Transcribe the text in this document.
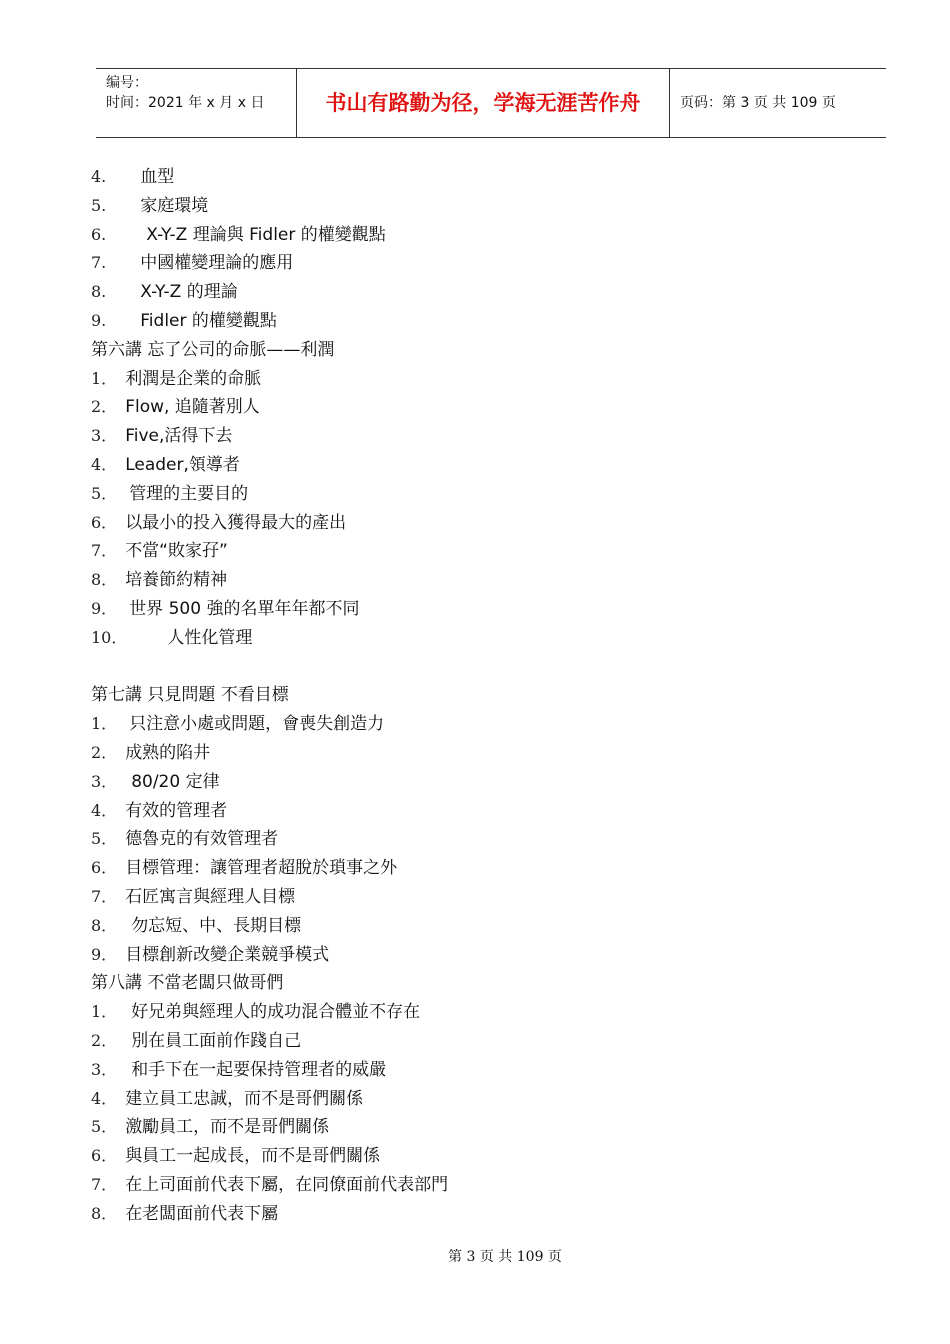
编号：
时间：2021 年 x 月 x 日	书山有路勤为径，学海无涯苦作舟	页码：第 3 页 共 109 页
4. 血型
5. 家庭環境
6. X-Y-Z 理論與 Fidler 的權變觀點
7. 中國權變理論的應用
8. X-Y-Z 的理論
9. Fidler 的權變觀點
第六講 忘了公司的命脈——利潤
1． 利潤是企業的命脈
2． Flow, 追隨著別人
3． Five,活得下去
4． Leader,領導者
5． 管理的主要目的
6． 以最小的投入獲得最大的產出
7． 不當“敗家孖”
8． 培養節約精神
9． 世界 500 強的名單年年都不同
10． 人性化管理
第七講 只見問題 不看目標
1． 只注意小處或問題，會喪失創造力
2． 成熟的陷井
3． 80/20 定律
4． 有效的管理者
5． 德魯克的有效管理者
6． 目標管理：讓管理者超脫於瑣事之外
7． 石匠寓言與經理人目標
8． 勿忘短、中、長期目標
9． 目標創新改變企業競爭模式
第八講 不當老闆只做哥們
1． 好兄弟與經理人的成功混合體並不存在
2． 別在員工面前作踐自己
3． 和手下在一起要保持管理者的威嚴
4． 建立員工忠誠，而不是哥們關係
5． 激勵員工，而不是哥們關係
6． 與員工一起成長，而不是哥們關係
7． 在上司面前代表下屬，在同僚面前代表部門
8． 在老闆面前代表下屬
第 3 页 共 109 页
